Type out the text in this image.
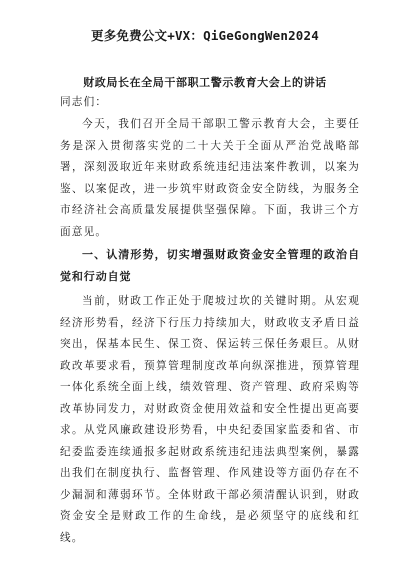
更多免费公文+VX：QiGeGongWen2024
财政局长在全局干部职工警示教育大会上的讲话
同志们：
今天，我们召开全局干部职工警示教育大会，主要任务是深入贯彻落实党的二十大关于全面从严治党战略部署，深刻汲取近年来财政系统违纪违法案件教训，以案为鉴、以案促改，进一步筑牢财政资金安全防线，为服务全市经济社会高质量发展提供坚强保障。下面，我讲三个方面意见。
一、认清形势，切实增强财政资金安全管理的政治自觉和行动自觉
当前，财政工作正处于爬坡过坎的关键时期。从宏观经济形势看，经济下行压力持续加大，财政收支矛盾日益突出，保基本民生、保工资、保运转三保任务艰巨。从财政改革要求看，预算管理制度改革向纵深推进，预算管理一体化系统全面上线，绩效管理、资产管理、政府采购等改革协同发力，对财政资金使用效益和安全性提出更高要求。从党风廉政建设形势看，中央纪委国家监委和省、市纪委监委连续通报多起财政系统违纪违法典型案例，暴露出我们在制度执行、监督管理、作风建设等方面仍存在不少漏洞和薄弱环节。全体财政干部必须清醒认识到，财政资金安全是财政工作的生命线，是必须坚守的底线和红线。
